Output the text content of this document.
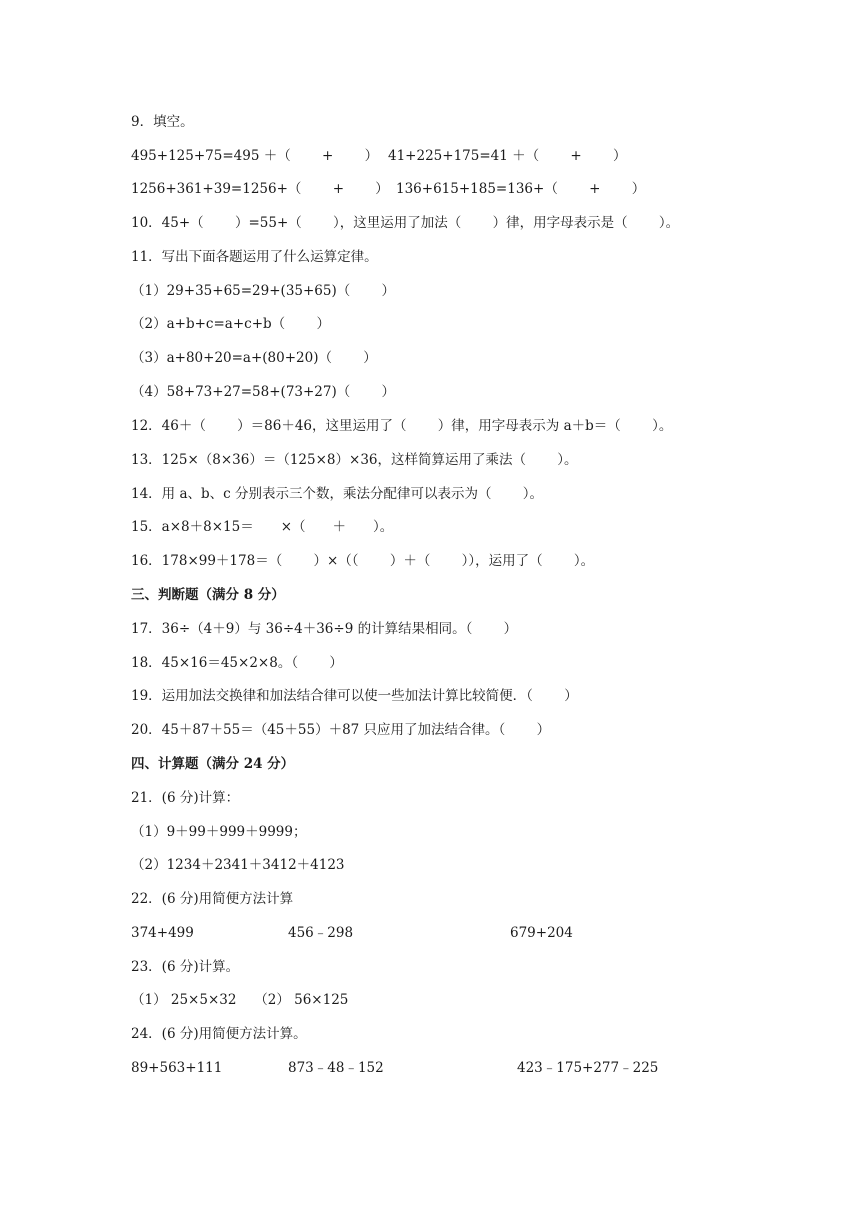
9．填空。
495+125+75=495 ＋（　　 +　　 ） 41+225+175=41 ＋（　　 +　　 ）
1256+361+39=1256+（　　 +　　 ） 136+615+185=136+（　　 +　　 ）
10．45+（　　 ）=55+（　　 ），这里运用了加法（　　 ）律，用字母表示是（　　 ）。
11．写出下面各题运用了什么运算定律。
（1）29+35+65=29+(35+65)（　　 ）
（2）a+b+c=a+c+b（　　 ）
（3）a+80+20=a+(80+20)（　　 ）
（4）58+73+27=58+(73+27)（　　 ）
12．46＋（　　 ）＝86＋46，这里运用了（　　 ）律，用字母表示为 a＋b＝（　　 ）。
13．125×（8×36）＝（125×8）×36，这样简算运用了乘法（　　 ）。
14．用 a、b、c 分别表示三个数，乘法分配律可以表示为（　　 ）。
15．a×8＋8×15＝　　×（　　＋　　）。
16．178×99＋178＝（　　 ）×（（　　 ）＋（　　 ）），运用了（　　 ）。
三、判断题（满分 8 分）
17．36÷（4＋9）与 36÷4＋36÷9 的计算结果相同。（　　 ）
18．45×16＝45×2×8。（　　 ）
19．运用加法交换律和加法结合律可以使一些加法计算比较简便．（　　 ）
20．45＋87＋55＝（45＋55）＋87 只应用了加法结合律。（　　 ）
四、计算题（满分 24 分）
21．(6 分)计算：
（1）9＋99＋999＋9999；
（2）1234＋2341＋3412＋4123
22．(6 分)用简便方法计算
374+499	456﹣298	679+204
23．(6 分)计算。
（1） 25×5×32　 （2） 56×125
24．(6 分)用简便方法计算。
89+563+111	873﹣48﹣152	423﹣175+277﹣225
